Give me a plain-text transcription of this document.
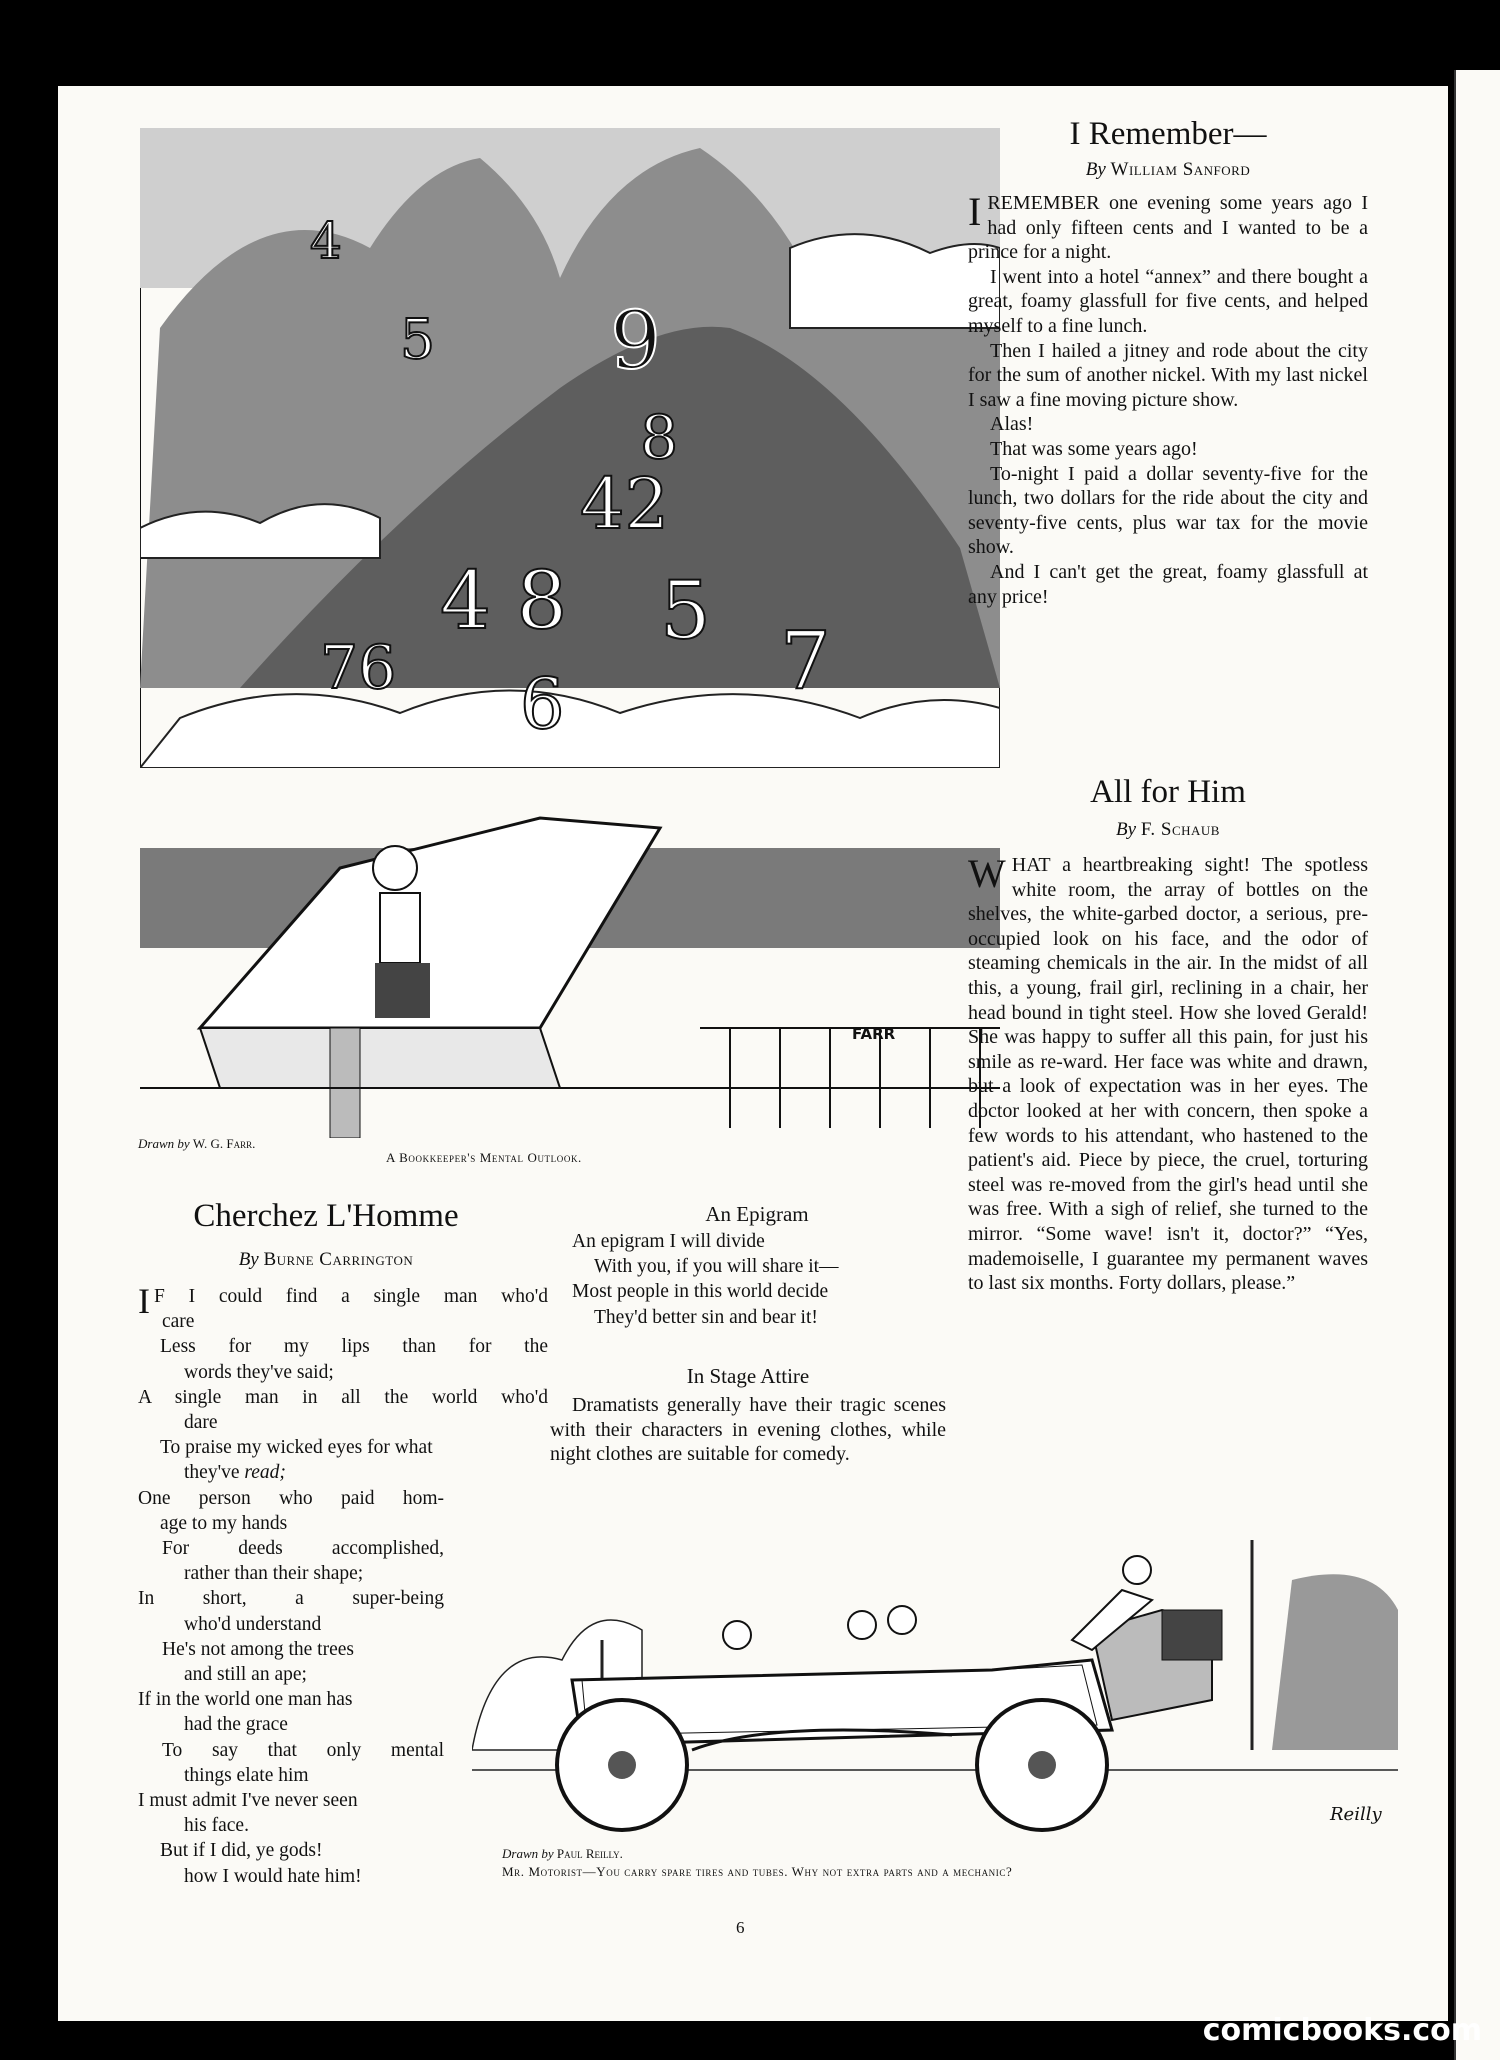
9
8
42
4 8 5
7
5
4
6
76
FARR
Drawn by W. G. Farr.
A Bookkeeper's Mental Outlook.
I Remember—
By William Sanford

IREMEMBER one evening some years ago I had only fifteen cents and I wanted to be a prince for a night.

I went into a hotel “annex” and there bought a great, foamy glassfull for five cents, and helped myself to a fine lunch.

Then I hailed a jitney and rode about the city for the sum of another nickel. With my last nickel I saw a fine moving picture show.

Alas!

That was some years ago!

To-night I paid a dollar seventy-five for the lunch, two dollars for the ride about the city and seventy-five cents, plus war tax for the movie show.

And I can't get the great, foamy glassfull at any price!

All for Him
By F. Schaub

WHAT a heartbreaking sight! The spotless white room, the array of bottles on the shelves, the white-garbed doctor, a serious, pre-occupied look on his face, and the odor of steaming chemicals in the air. In the midst of all this, a young, frail girl, reclining in a chair, her head bound in tight steel. How she loved Gerald! She was happy to suffer all this pain, for just his smile as re-ward. Her face was white and drawn, but a look of expectation was in her eyes. The doctor looked at her with concern, then spoke a few words to his attendant, who hastened to the patient's aid. Piece by piece, the cruel, torturing steel was re-moved from the girl's head until she was free. With a sigh of relief, she turned to the mirror. “Some wave! isn't it, doctor?” “Yes, mademoiselle, I guarantee my permanent waves to last six months. Forty dollars, please.”

Cherchez L'Homme
By Burne Carrington
I F I could find a single man who'd
care
Less for my lips than for the
words they've said;
A single man in all the world who'd
dare
To praise my wicked eyes for what
they've read;
One person who paid hom-
age to my hands
For deeds accomplished,
rather than their shape;
In short, a super-being
who'd understand
He's not among the trees
and still an ape;
If in the world one man has
had the grace
To say that only mental
things elate him
I must admit I've never seen
his face.
But if I did, ye gods!
how I would hate him!
An Epigram
An epigram I will divide
With you, if you will share it—
Most people in this world decide
They'd better sin and bear it!
In Stage Attire

Dramatists generally have their tragic scenes with their characters in evening clothes, while night clothes are suitable for comedy.

Reilly
Drawn by Paul Reilly.
Mr. Motorist—You carry spare tires and tubes. Why not extra parts and a mechanic?
6
comicbooks.com
